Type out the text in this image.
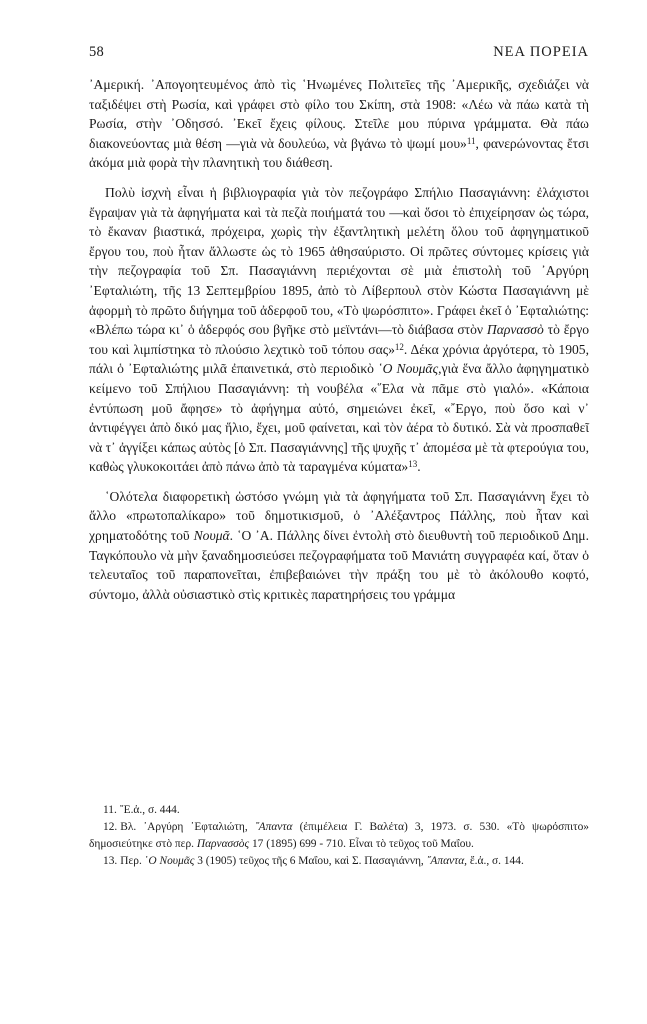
58	ΝΕΑ ΠΟΡΕΙΑ

᾽Αμερική. ᾽Απογοητευμένος ἀπὸ τὶς ῾Ηνωμένες Πολιτεῖες τῆς ᾽Αμερικῆς, σχεδιάζει νὰ ταξιδέψει στὴ Ρωσία, καὶ γράφει στὸ φίλο του Σκίπη, στὰ 1908: «Λέω νὰ πάω κατὰ τὴ Ρωσία, στὴν ᾽Οδησσό. ᾽Εκεῖ ἔχεις φίλους. Στεῖλε μου πύρινα γράμματα. Θὰ πάω διακονεύοντας μιὰ θέση —γιὰ νὰ δουλεύω, νὰ βγάνω τὸ ψωμί μου»$^{11}$, φανερώνοντας ἔτσι ἀκόμα μιὰ φορὰ τὴν πλανητικὴ του διάθεση.

Πολὺ ἰσχνὴ εἶναι ἡ βιβλιογραφία γιὰ τὸν πεζογράφο Σπήλιο Πασαγιάννη: ἐλάχιστοι ἔγραψαν γιὰ τὰ ἀφηγήματα καὶ τὰ πεζὰ ποιήματά του —καὶ ὅσοι τὸ ἐπιχείρησαν ὡς τώρα, τὸ ἔκαναν βιαστικά, πρόχειρα, χωρὶς τὴν ἐξαντλητικὴ μελέτη ὅλου τοῦ ἀφηγηματικοῦ ἔργου του, ποὺ ἦταν ἄλλωστε ὡς τὸ 1965 ἀθησαύριστο. Οἱ πρῶτες σύντομες κρίσεις γιὰ τὴν πεζογραφία τοῦ Σπ. Πασαγιάννη περιέχονται σὲ μιὰ ἐπιστολὴ τοῦ ᾽Αργύρη ᾽Εφταλιώτη, τῆς 13 Σεπτεμβρίου 1895, ἀπὸ τὸ Λίβερπουλ στὸν Κώστα Πασαγιάννη μὲ ἀφορμὴ τὸ πρῶτο διήγημα τοῦ ἀδερφοῦ του, «Τὸ ψωρόσπιτο». Γράφει ἐκεῖ ὁ ᾽Εφταλιώτης: «Βλέπω τώρα κι᾽ ὁ ἀδερφός σου βγῆκε στὸ μεϊντάνι—τὸ διάβασα στὸν Παρνασσὸ τὸ ἔργο του καὶ λιμπίστηκα τὸ πλούσιο λεχτικὸ τοῦ τόπου σας»$^{12}$. Δέκα χρόνια ἀργότερα, τὸ 1905, πάλι ὁ ᾽Εφταλιώτης μιλᾶ ἐπαινετικά, στὸ περιοδικὸ ῾Ο Νουμᾶς,γιὰ ἕνα ἄλλο ἀφηγηματικὸ κείμενο τοῦ Σπήλιου Πασαγιάννη: τὴ νουβέλα «῞Ελα νὰ πᾶμε στὸ γιαλό». «Κάποια ἐντύπωση μοῦ ἄφησε» τὸ ἀφήγημα αὐτό, σημειώνει ἐκεῖ, «῎Εργο, ποὺ ὅσο καὶ ν᾽ ἀντιφέγγει ἀπὸ δικό μας ἥλιο, ἔχει, μοῦ φαίνεται, καὶ τὸν ἀέρα τὸ δυτικό. Σὰ νὰ προσπαθεῖ νὰ τ᾽ ἀγγίξει κάπως αὐτὸς [ὁ Σπ. Πασαγιάννης] τῆς ψυχῆς τ᾽ ἀπομέσα μὲ τὰ φτερούγια του, καθὼς γλυκοκοιτάει ἀπὸ πάνω ἀπὸ τὰ ταραγμένα κύματα»$^{13}$.

῾Ολότελα διαφορετικὴ ὡστόσο γνώμη γιὰ τὰ ἀφηγήματα τοῦ Σπ. Πασαγιάννη ἔχει τὸ ἄλλο «πρωτοπαλίκαρο» τοῦ δημοτικισμοῦ, ὁ ᾽Αλέξαντρος Πάλλης, ποὺ ἦταν καὶ χρηματοδότης τοῦ Νουμᾶ. ῾Ο ᾽Α. Πάλλης δίνει ἐντολὴ στὸ διευθυντὴ τοῦ περιοδικοῦ Δημ. Ταγκόπουλο νὰ μὴν ξαναδημοσιεύσει πεζογραφήματα τοῦ Μανιάτη συγγραφέα καί, ὅταν ὁ τελευταῖος τοῦ παραπονεῖται, ἐπιβεβαιώνει τὴν πράξη του μὲ τὸ ἀκόλουθο κοφτό, σύντομο, ἀλλὰ οὐσιαστικὸ στὶς κριτικὲς παρατηρήσεις του γράμμα

11. ῎Ε.ἀ., σ. 444.

12. Βλ. ᾽Αργύρη ᾽Εφταλιώτη, ῎Απαντα (ἐπιμέλεια Γ. Βαλέτα) 3, 1973. σ. 530. «Τὸ ψωρόσπιτο» δημοσιεύτηκε στὸ περ. Παρνασσὸς 17 (1895) 699 - 710. Εἶναι τὸ τεῦχος τοῦ Μαΐου.

13. Περ. ῾Ο Νουμᾶς 3 (1905) τεῦχος τῆς 6 Μαΐου, καὶ Σ. Πασαγιάννη, ῎Απαντα, ἔ.ἀ., σ. 144.
